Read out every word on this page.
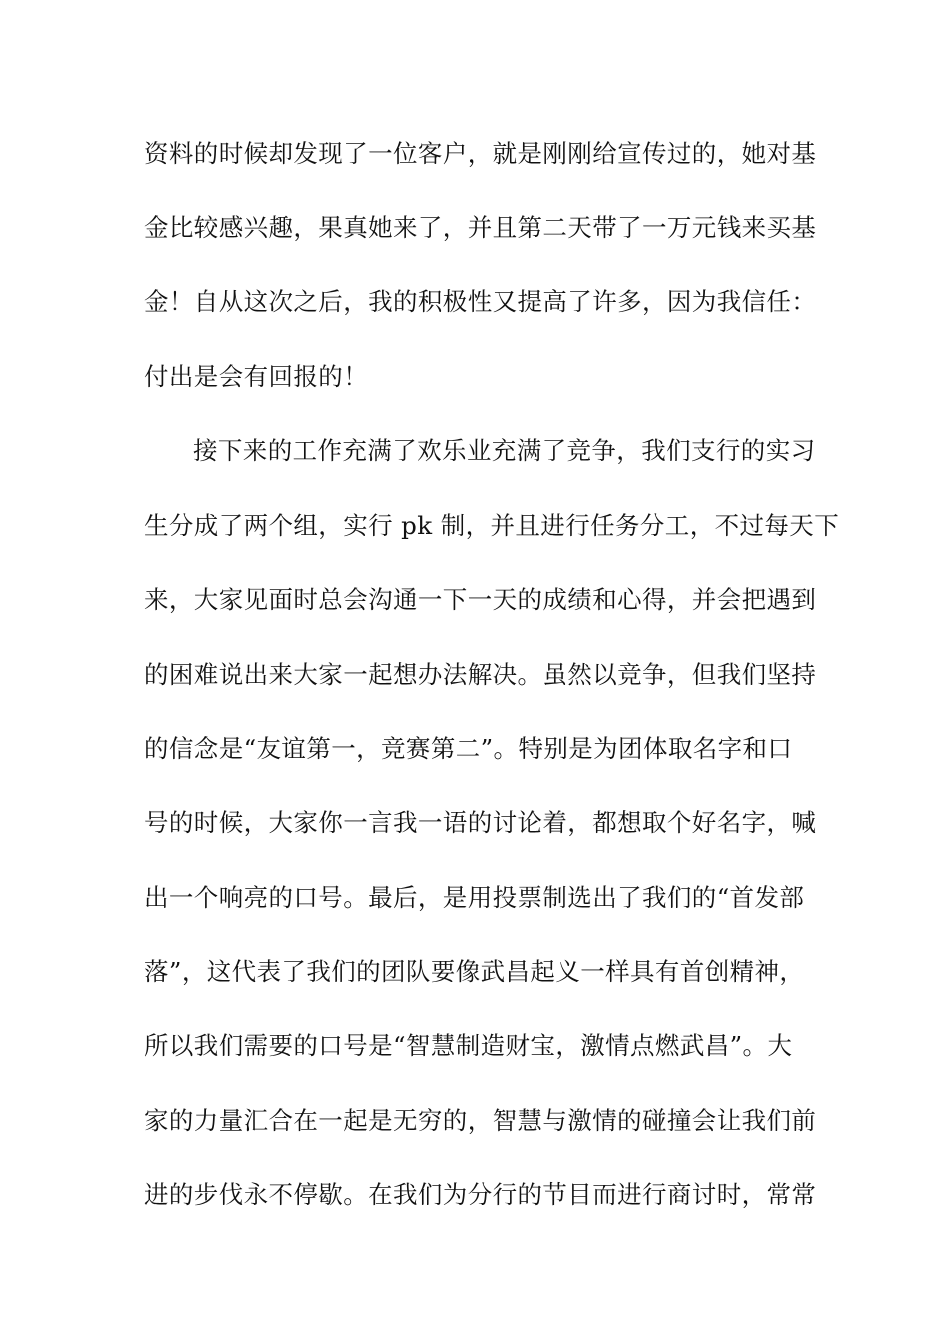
资料的时候却发现了一位客户，就是刚刚给宣传过的，她对基
金比较感兴趣，果真她来了，并且第二天带了一万元钱来买基
金！自从这次之后，我的积极性又提高了许多，因为我信任：
付出是会有回报的！
接下来的工作充满了欢乐业充满了竞争，我们支行的实习
生分成了两个组，实行 pk 制，并且进行任务分工，不过每天下
来，大家见面时总会沟通一下一天的成绩和心得，并会把遇到
的困难说出来大家一起想办法解决。虽然以竞争，但我们坚持
的信念是“友谊第一，竞赛第二”。特别是为团体取名字和口
号的时候，大家你一言我一语的讨论着，都想取个好名字，喊
出一个响亮的口号。最后，是用投票制选出了我们的“首发部
落”，这代表了我们的团队要像武昌起义一样具有首创精神，
所以我们需要的口号是“智慧制造财宝，激情点燃武昌”。大
家的力量汇合在一起是无穷的，智慧与激情的碰撞会让我们前
进的步伐永不停歇。在我们为分行的节目而进行商讨时，常常
